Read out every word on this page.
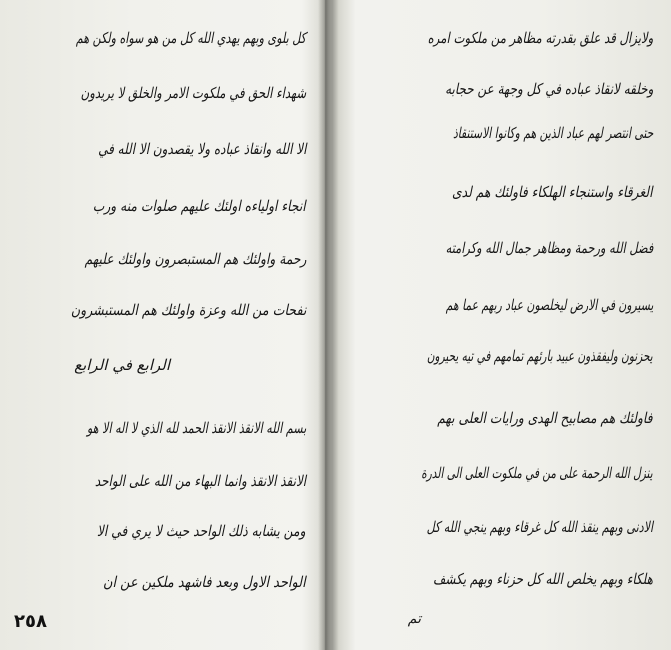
ولايزال قد علق بقدرته مظاهر من ملكوت امره
وخلقه لانقاذ عباده في كل وجهة عن حجابه
حتى انتصر لهم عباد الذين هم وكانوا الاستنقاذ
الغرقاء واستنجاء الهلكاء فاولئك هم لدى
فضل الله ورحمة ومظاهر جمال الله وكرامته
يسيرون في الارض ليخلصون عباد ربهم عما هم
يحزنون وليفقذون عبيد بارئهم تمامهم في تيه يحيرون
فاولئك هم مصابيح الهدى ورايات العلى بهم
ينزل الله الرحمة على من في ملكوت العلى الى الدرة
الادنى وبهم ينقذ الله كل غرقاء وبهم ينجي الله كل
هلكاء وبهم يخلص الله كل حزناء وبهم يكشف
تم
كل بلوى وبهم يهدي الله كل من هو سواه ولكن هم
شهداء الحق في ملكوت الامر والخلق لا يريدون
الا الله وانقاذ عباده ولا يقصدون الا الله في
انجاء اولياءه اولئك عليهم صلوات منه ورب
رحمة واولئك هم المستبصرون واولئك عليهم
نفحات من الله وعزة واولئك هم المستبشرون
الرابع في الرابع
بسم الله الانقذ الانقذ الحمد لله الذي لا اله الا هو
الانقذ الانقذ وانما البهاء من الله على الواحد
ومن يشابه ذلك الواحد حيث لا يري في الا
الواحد الاول وبعد فاشهد ملكين عن ان
٢٥٨
